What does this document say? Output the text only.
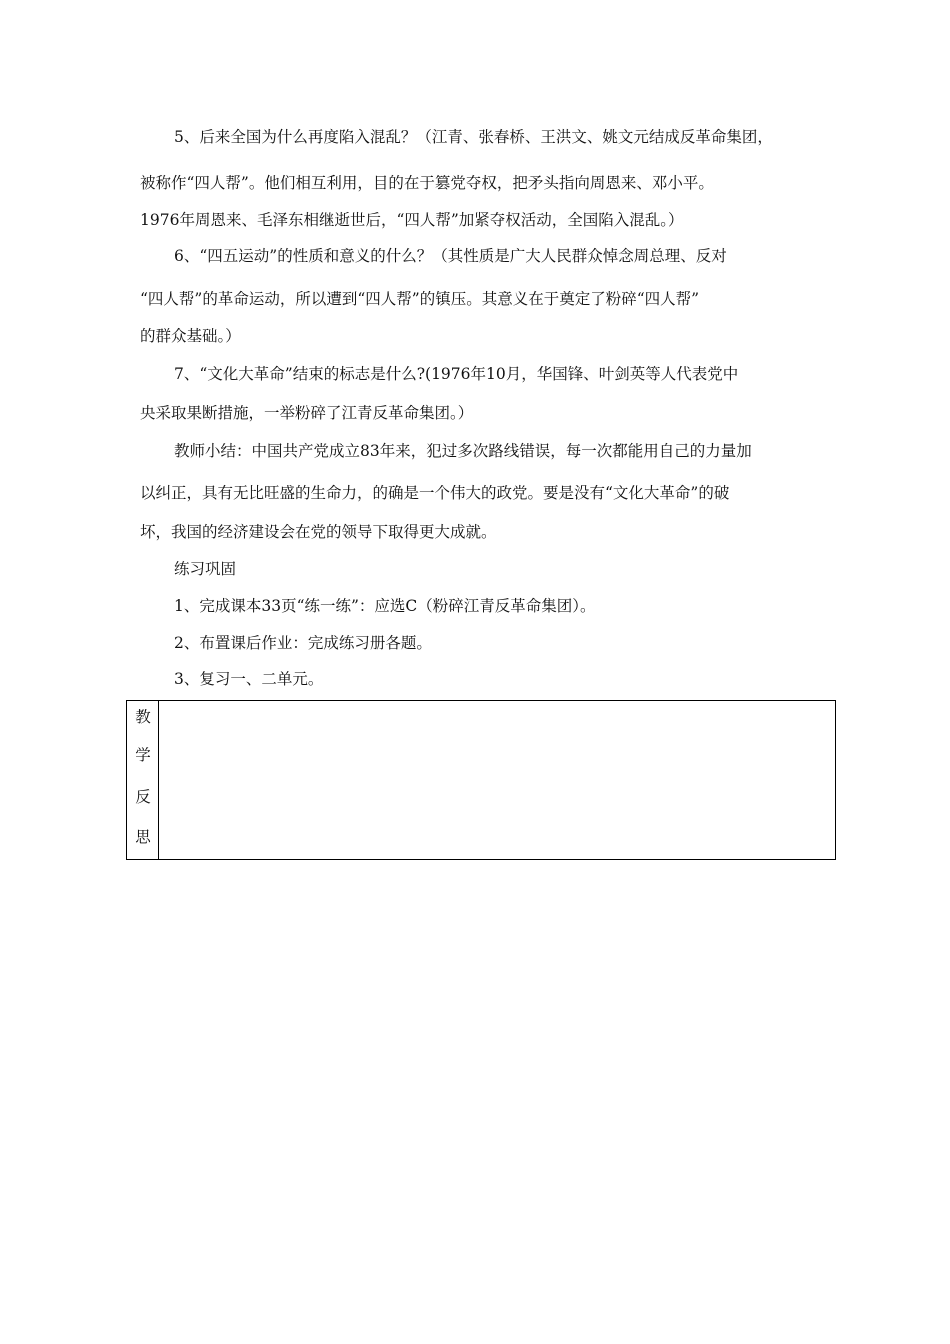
5、后来全国为什么再度陷入混乱？（江青、张春桥、王洪文、姚文元结成反革命集团，
被称作“四人帮”。他们相互利用，目的在于篡党夺权，把矛头指向周恩来、邓小平。
1976年周恩来、毛泽东相继逝世后，“四人帮”加紧夺权活动，全国陷入混乱。）
6、“四五运动”的性质和意义的什么？（其性质是广大人民群众悼念周总理、反对
“四人帮”的革命运动，所以遭到“四人帮”的镇压。其意义在于奠定了粉碎“四人帮”
的群众基础。）
7、“文化大革命”结束的标志是什么?(1976年10月，华国锋、叶剑英等人代表党中
央采取果断措施，一举粉碎了江青反革命集团。）
教师小结：中国共产党成立83年来，犯过多次路线错误，每一次都能用自己的力量加
以纠正，具有无比旺盛的生命力，的确是一个伟大的政党。要是没有“文化大革命”的破
坏，我国的经济建设会在党的领导下取得更大成就。
练习巩固
1、完成课本33页“练一练”：应选C（粉碎江青反革命集团）。
2、布置课后作业：完成练习册各题。
3、复习一、二单元。
教
学
反
思
